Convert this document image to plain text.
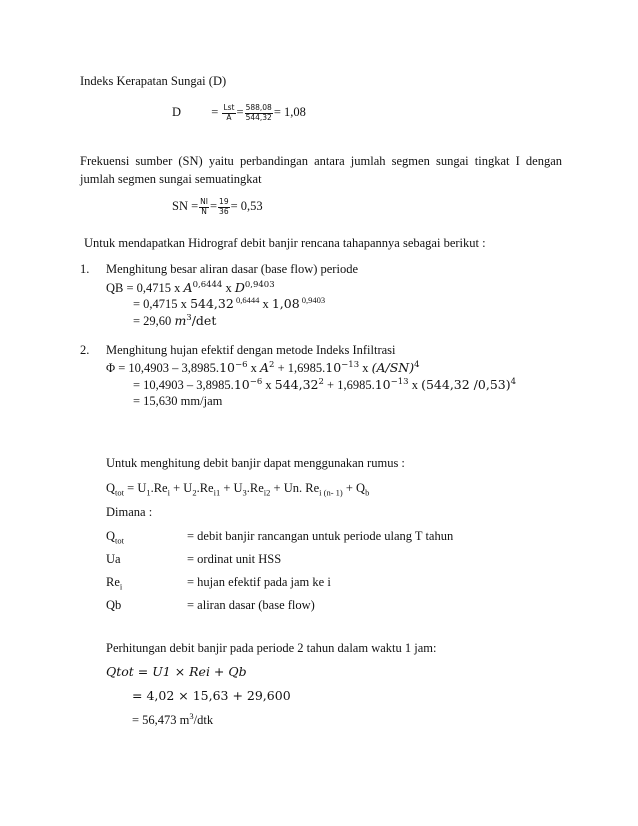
Indeks Kerapatan Sungai (D)
$D = \frac{\text{Lst}}{A} = \frac{588,08}{544,32} = 1,08$
Frekuensi sumber (SN) yaitu perbandingan antara jumlah segmen sungai tingkat I dengan
jumlah segmen sungai semuatingkat
SN = $\frac{NI}{N} = \frac{19}{36} = 0,53$
Untuk mendapatkan Hidrograf debit banjir rencana tahapannya sebagai berikut :
1. Menghitung besar aliran dasar (base flow) periode
QB = 0,4715 x $A^{0,6444}$ x $D^{0,9403}$
= 0,4715 x 544,32 $^{0,6444}$ x 1,08 $^{0,9403}$
= 29,60 $m^3/\det$
2. Menghitung hujan efektif dengan metode Indeks Infiltrasi
$\Phi = 10,4903 - 3,8985.10^{-6}$ x $A^2 + 1,6985.10^{-13}$ x $(A/SN)^4$
= $10,4903 - 3,8985.10^{-6}$ x $544,32^2 + 1,6985.10^{-13}$ x (544,32 /0,53)$^4$
= 15,630 mm/jam
Untuk menghitung debit banjir dapat menggunakan rumus :
$Q_{tot} = U_1.Re_i + U_2.Re_{i1} + U_3.Re_{i2} + Un$. $Re_{i (n- 1)} + Q_b$
Dimana :
$Q_{tot}$	= debit banjir rancangan untuk periode ulang T tahun
Ua	= ordinat unit HSS
$Re_i$	= hujan efektif pada jam ke i
Qb	= aliran dasar (base flow)
Perhitungan debit banjir pada periode 2 tahun dalam waktu 1 jam:
Qtot = U1 × Rei + Qb
= 4,02 × 15,63 + 29,600
= 56,473 $m^3$/dtk
